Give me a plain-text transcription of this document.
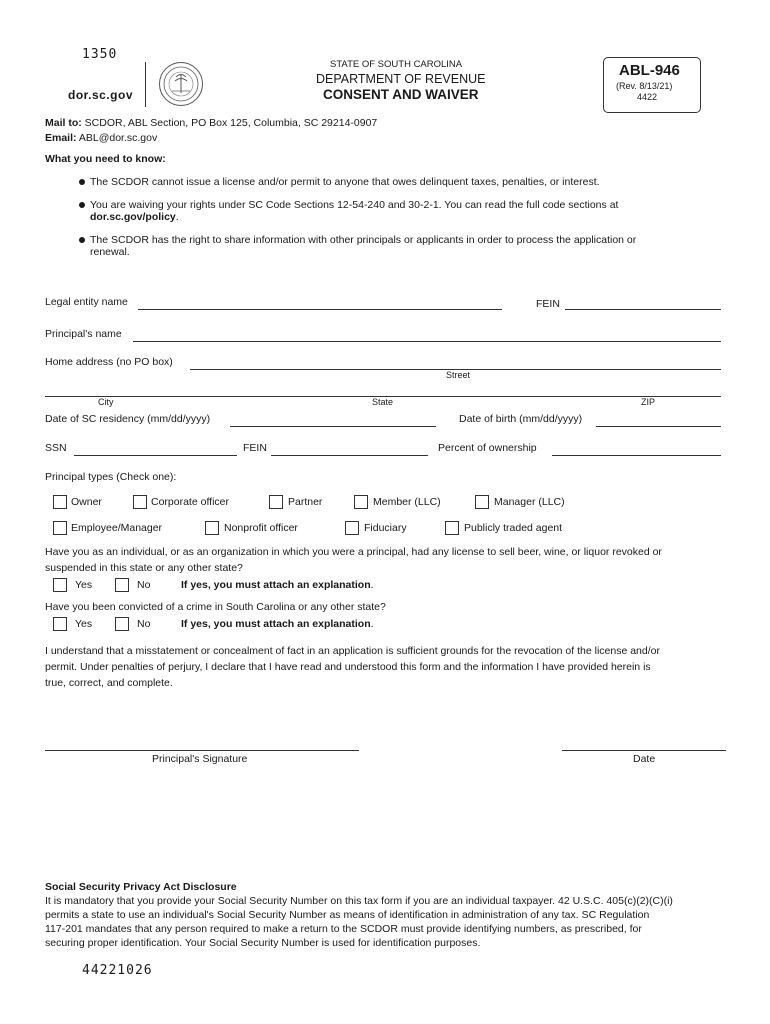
1350
dor.sc.gov
STATE OF SOUTH CAROLINA
DEPARTMENT OF REVENUE
CONSENT AND WAIVER
ABL-946
(Rev. 8/13/21)
4422
Mail to: SCDOR, ABL Section, PO Box 125, Columbia, SC 29214-0907
Email: ABL@dor.sc.gov
What you need to know:
The SCDOR cannot issue a license and/or permit to anyone that owes delinquent taxes, penalties, or interest.
You are waiving your rights under SC Code Sections 12-54-240 and 30-2-1. You can read the full code sections at
dor.sc.gov/policy.
The SCDOR has the right to share information with other principals or applicants in order to process the application or
renewal.
Legal entity name	FEIN
Principal's name
Home address (no PO box)
Street
City	State	ZIP
Date of SC residency (mm/dd/yyyy)	Date of birth (mm/dd/yyyy)
SSN	FEIN	Percent of ownership
Principal types (Check one):
Owner	Corporate officer	Partner	Member (LLC)	Manager (LLC)
Employee/Manager	Nonprofit officer	Fiduciary	Publicly traded agent
Have you as an individual, or as an organization in which you were a principal, had any license to sell beer, wine, or liquor revoked or
suspended in this state or any other state?
Yes	No	If yes, you must attach an explanation.
Have you been convicted of a crime in South Carolina or any other state?
Yes	No	If yes, you must attach an explanation.
I understand that a misstatement or concealment of fact in an application is sufficient grounds for the revocation of the license and/or
permit. Under penalties of perjury, I declare that I have read and understood this form and the information I have provided herein is
true, correct, and complete.
Principal's Signature	Date
Social Security Privacy Act Disclosure
It is mandatory that you provide your Social Security Number on this tax form if you are an individual taxpayer. 42 U.S.C. 405(c)(2)(C)(i)
permits a state to use an individual's Social Security Number as means of identification in administration of any tax. SC Regulation
117-201 mandates that any person required to make a return to the SCDOR must provide identifying numbers, as prescribed, for
securing proper identification. Your Social Security Number is used for identification purposes.
44221026
